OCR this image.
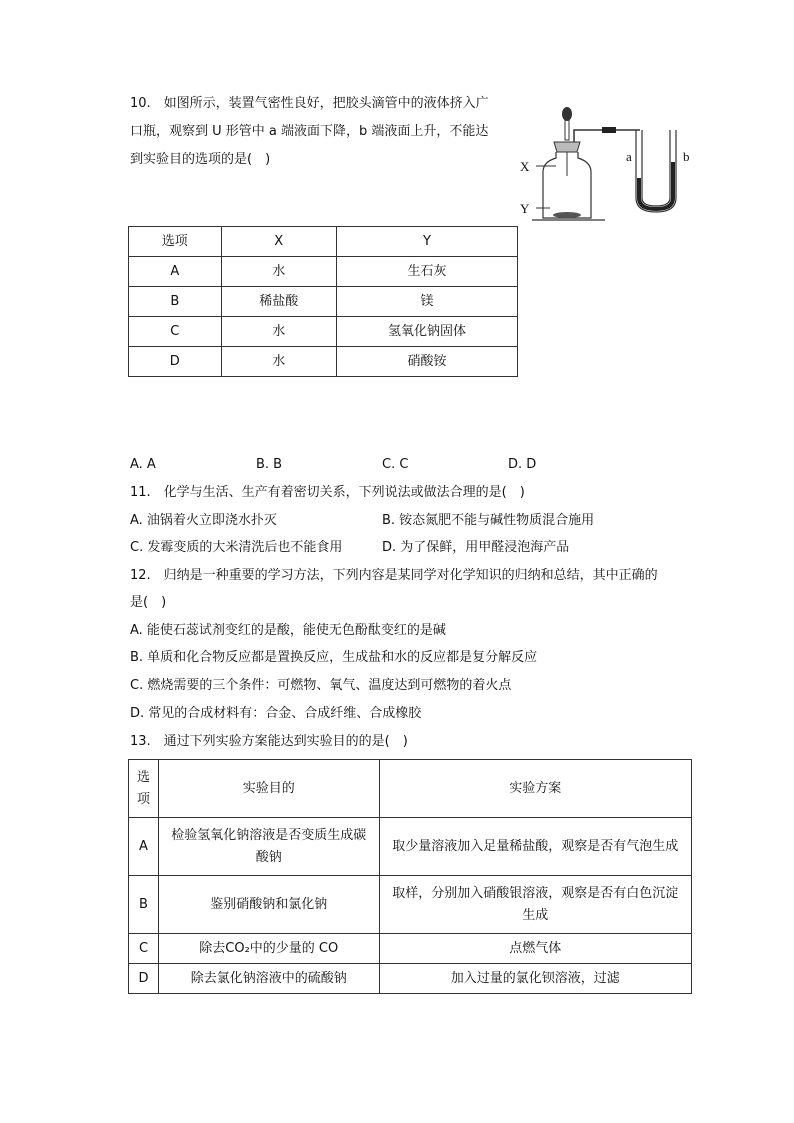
10.　如图所示，装置气密性良好，把胶头滴管中的液体挤入广
口瓶，观察到 U 形管中 a 端液面下降，b 端液面上升，不能达
到实验目的选项的是(　)	X
Y
a	b
选项	X	Y
A	水	生石灰
B	稀盐酸	镁
C	水	氢氧化钠固体
D	水	硝酸铵
A. A	B. B	C. C	D. D
11.　化学与生活、生产有着密切关系，下列说法或做法合理的是(　)
A. 油锅着火立即浇水扑灭	B. 铵态氮肥不能与碱性物质混合施用
C. 发霉变质的大米清洗后也不能食用	D. 为了保鲜，用甲醛浸泡海产品
12.　归纳是一种重要的学习方法，下列内容是某同学对化学知识的归纳和总结，其中正确的
是(　)
A. 能使石蕊试剂变红的是酸，能使无色酚酞变红的是碱
B. 单质和化合物反应都是置换反应，生成盐和水的反应都是复分解反应
C. 燃烧需要的三个条件：可燃物、氧气、温度达到可燃物的着火点
D. 常见的合成材料有：合金、合成纤维、合成橡胶
13.　通过下列实验方案能达到实验目的的是(　)
选
项	实验目的	实验方案
A	检验氢氧化钠溶液是否变质生成碳
酸钠	取少量溶液加入足量稀盐酸，观察是否有气泡生成

B	鉴别硝酸钠和氯化钠	取样，分别加入硝酸银溶液，观察是否有白色沉淀
生成

C	除去CO₂中的少量的 CO	点燃气体
D	除去氯化钠溶液中的硫酸钠	加入过量的氯化钡溶液，过滤
